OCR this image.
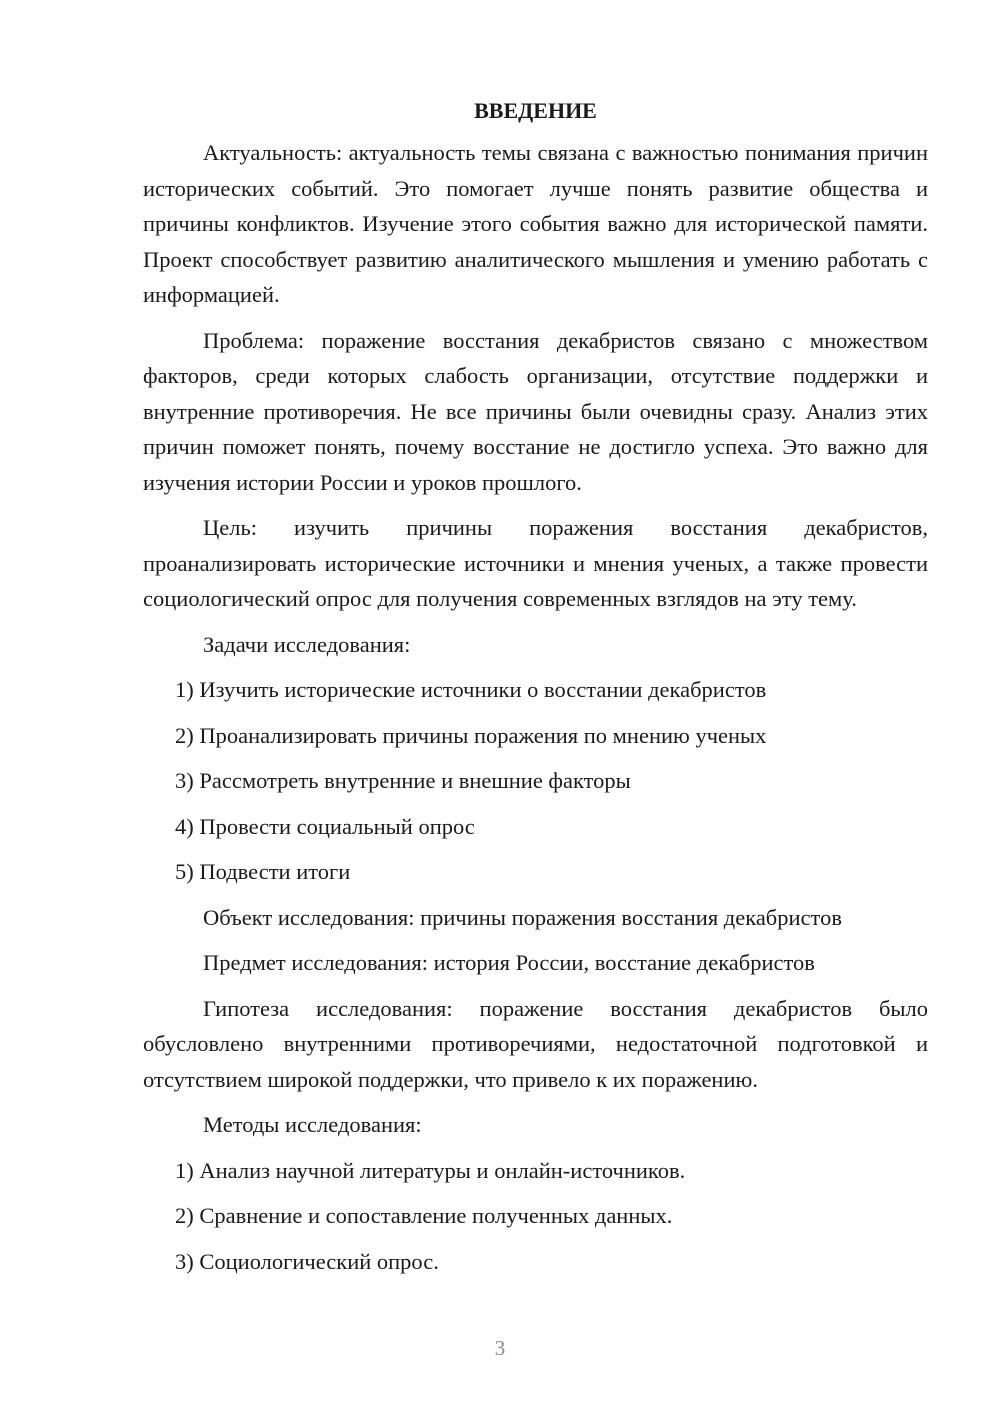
ВВЕДЕНИЕ

Актуальность: актуальность темы связана с важностью понимания причин исторических событий. Это помогает лучше понять развитие общества и причины конфликтов. Изучение этого события важно для исторической памяти. Проект способствует развитию аналитического мышления и умению работать с информацией.

Проблема: поражение восстания декабристов связано с множеством факторов, среди которых слабость организации, отсутствие поддержки и внутренние противоречия. Не все причины были очевидны сразу. Анализ этих причин поможет понять, почему восстание не достигло успеха. Это важно для изучения истории России и уроков прошлого.

Цель: изучить причины поражения восстания декабристов, проанализировать исторические источники и мнения ученых, а также провести социологический опрос для получения современных взглядов на эту тему.

Задачи исследования:
1) Изучить исторические источники о восстании декабристов
2) Проанализировать причины поражения по мнению ученых
3) Рассмотреть внутренние и внешние факторы
4) Провести социальный опрос
5) Подвести итоги
Объект исследования: причины поражения восстания декабристов
Предмет исследования: история России, восстание декабристов

Гипотеза исследования: поражение восстания декабристов было обусловлено внутренними противоречиями, недостаточной подготовкой и отсутствием широкой поддержки, что привело к их поражению.

Методы исследования:
1) Анализ научной литературы и онлайн-источников.
2) Сравнение и сопоставление полученных данных.
3) Социологический опрос.
3
